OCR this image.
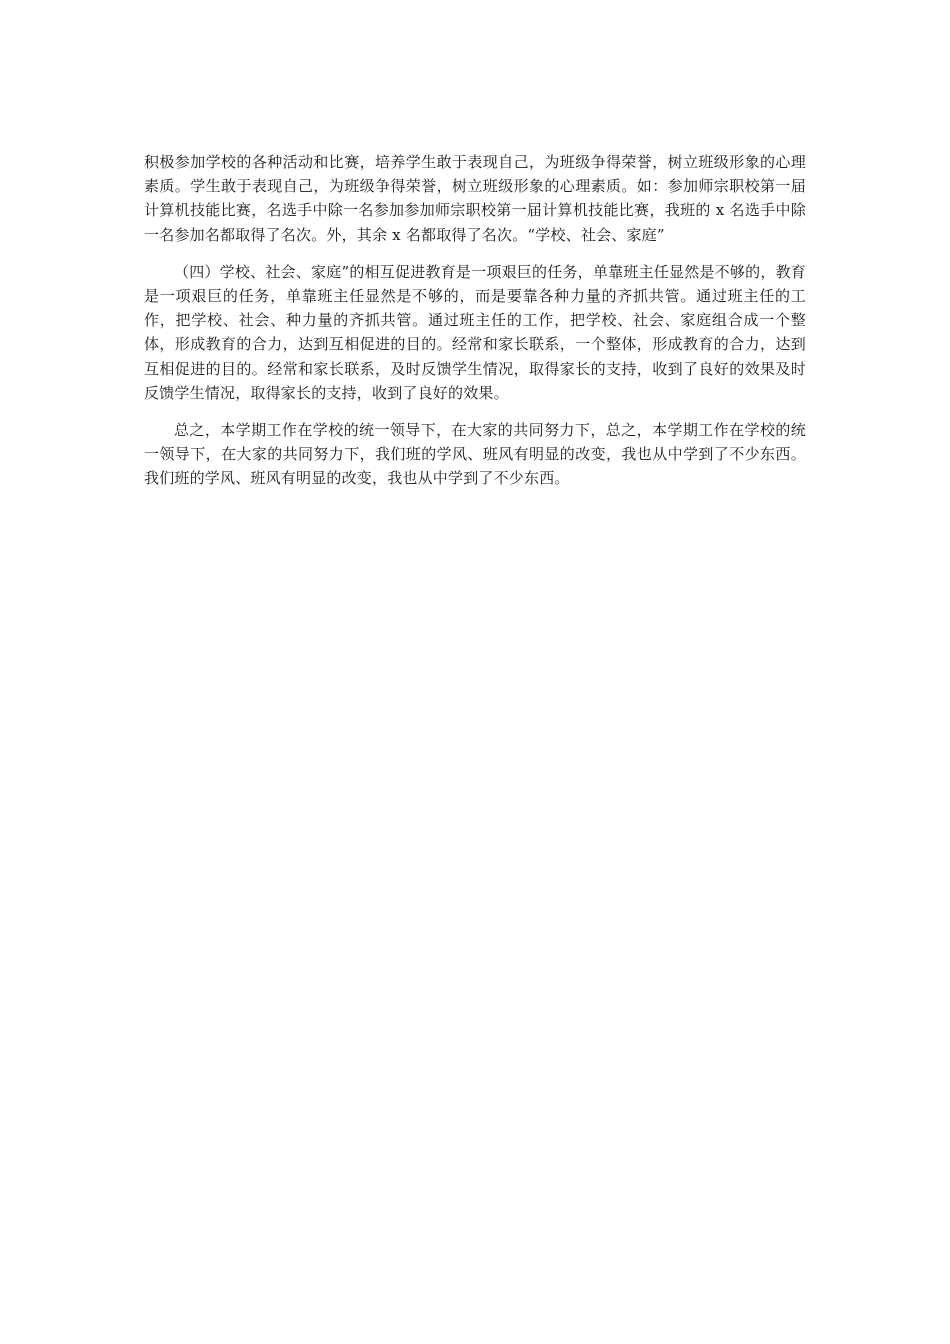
积极参加学校的各种活动和比赛，培养学生敢于表现自己，为班级争得荣誉，树立班级形象的心理素质。学生敢于表现自己，为班级争得荣誉，树立班级形象的心理素质。如：参加师宗职校第一届计算机技能比赛，名选手中除一名参加参加师宗职校第一届计算机技能比赛，我班的 x 名选手中除一名参加名都取得了名次。外，其余 x 名都取得了名次。“学校、社会、家庭”

（四）学校、社会、家庭”的相互促进教育是一项艰巨的任务，单靠班主任显然是不够的，教育是一项艰巨的任务，单靠班主任显然是不够的，而是要靠各种力量的齐抓共管。通过班主任的工作，把学校、社会、种力量的齐抓共管。通过班主任的工作，把学校、社会、家庭组合成一个整体，形成教育的合力，达到互相促进的目的。经常和家长联系，一个整体，形成教育的合力，达到互相促进的目的。经常和家长联系，及时反馈学生情况，取得家长的支持，收到了良好的效果及时反馈学生情况，取得家长的支持，收到了良好的效果。

总之，本学期工作在学校的统一领导下，在大家的共同努力下，总之，本学期工作在学校的统一领导下，在大家的共同努力下，我们班的学风、班风有明显的改变，我也从中学到了不少东西。我们班的学风、班风有明显的改变，我也从中学到了不少东西。
